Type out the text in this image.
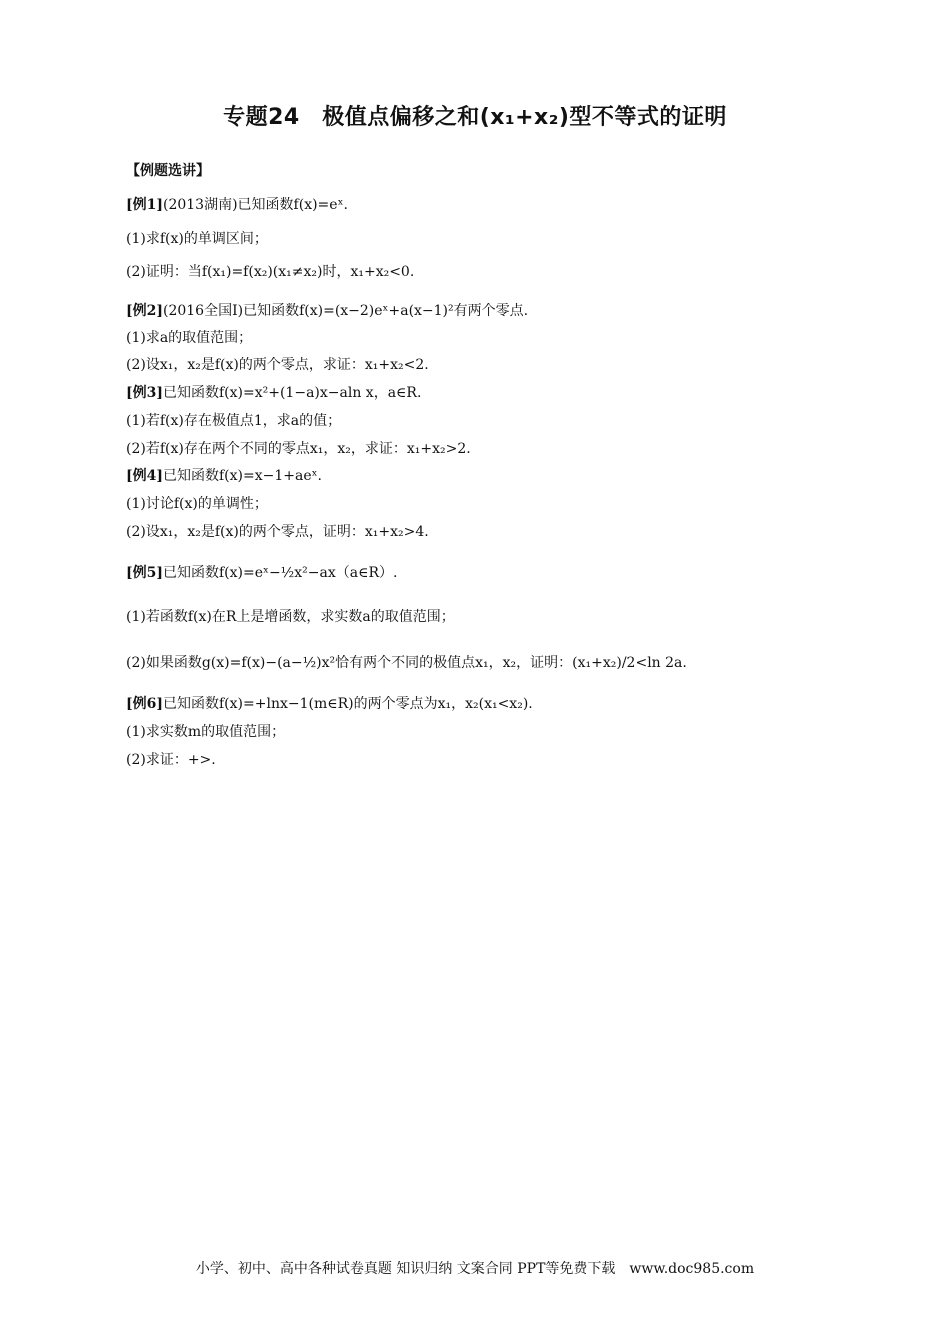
专题24　极值点偏移之和(x₁+x₂)型不等式的证明
【例题选讲】
[例1](2013湖南)已知函数f(x)=eˣ.
(1)求f(x)的单调区间；
(2)证明：当f(x₁)=f(x₂)(x₁≠x₂)时，x₁+x₂<0.
[例2](2016全国I)已知函数f(x)=(x−2)eˣ+a(x−1)²有两个零点.
(1)求a的取值范围；
(2)设x₁，x₂是f(x)的两个零点，求证：x₁+x₂<2.
[例3]已知函数f(x)=x²+(1−a)x−aln x，a∈R.
(1)若f(x)存在极值点1，求a的值；
(2)若f(x)存在两个不同的零点x₁，x₂，求证：x₁+x₂>2.
[例4]已知函数f(x)=x−1+aeˣ.
(1)讨论f(x)的单调性；
(2)设x₁，x₂是f(x)的两个零点，证明：x₁+x₂>4.
[例5]已知函数f(x)=eˣ−½x²−ax（a∈R）.
(1)若函数f(x)在R上是增函数，求实数a的取值范围；
(2)如果函数g(x)=f(x)−(a−½)x²恰有两个不同的极值点x₁，x₂，证明：(x₁+x₂)/2<ln 2a.
[例6]已知函数f(x)=+lnx−1(m∈R)的两个零点为x₁，x₂(x₁<x₂).
(1)求实数m的取值范围；
(2)求证：+>.
小学、初中、高中各种试卷真题 知识归纳 文案合同 PPT等免费下载　www.doc985.com
